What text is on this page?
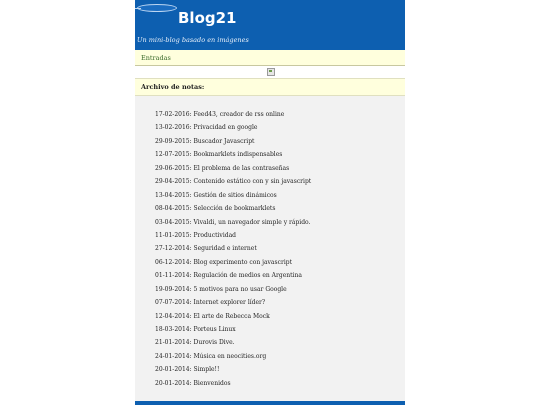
Blog21
Un mini-blog basado en imágenes
Entradas
Archivo de notas:
17-02-2016: Feed43, creador de rss online
13-02-2016: Privacidad en google
29-09-2015: Buscador Javascript
12-07-2015: Bookmarklets indispensables
29-06-2015: El problema de las contraseñas
29-04-2015: Contenido estático con y sin javascript
13-04-2015: Gestión de sitios dinámicos
08-04-2015: Selección de bookmarklets
03-04-2015: Vivaldi, un navegador simple y rápido.
11-01-2015: Productividad
27-12-2014: Seguridad e internet
06-12-2014: Blog experimento con javascript
01-11-2014: Regulación de medios en Argentina
19-09-2014: 5 motivos para no usar Google
07-07-2014: Internet explorer líder?
12-04-2014: El arte de Rebecca Mock
18-03-2014: Porteus Linux
21-01-2014: Durovis Dive.
24-01-2014: Música en neocities.org
20-01-2014: Simple!!
20-01-2014: Bienvenidos
